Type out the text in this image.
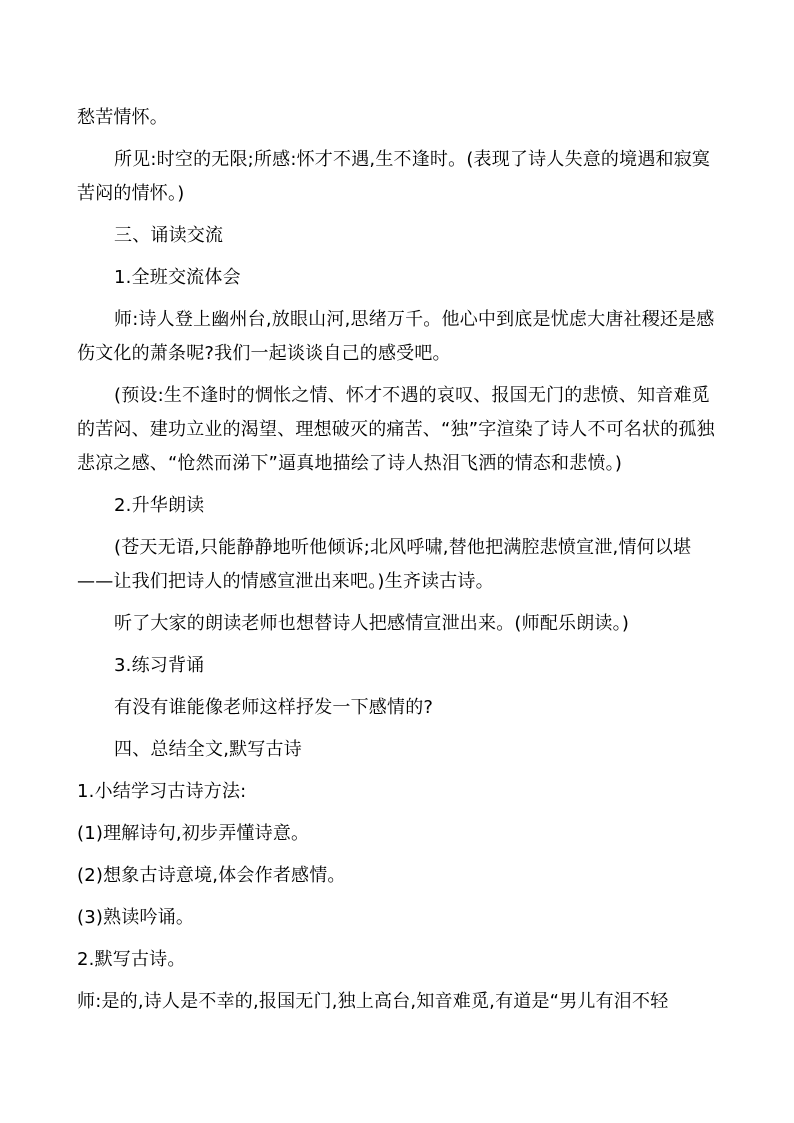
愁苦情怀。

所见:时空的无限;所感:怀才不遇,生不逢时。(表现了诗人失意的境遇和寂寞

苦闷的情怀。)

三、诵读交流

1.全班交流体会

师:诗人登上幽州台,放眼山河,思绪万千。他心中到底是忧虑大唐社稷还是感

伤文化的萧条呢?我们一起谈谈自己的感受吧。

(预设:生不逢时的惆怅之情、怀才不遇的哀叹、报国无门的悲愤、知音难觅

的苦闷、建功立业的渴望、理想破灭的痛苦、“独”字渲染了诗人不可名状的孤独

悲凉之感、“怆然而涕下”逼真地描绘了诗人热泪飞洒的情态和悲愤。)

2.升华朗读

(苍天无语,只能静静地听他倾诉;北风呼啸,替他把满腔悲愤宣泄,情何以堪

——让我们把诗人的情感宣泄出来吧。)生齐读古诗。

听了大家的朗读老师也想替诗人把感情宣泄出来。(师配乐朗读。)

3.练习背诵

有没有谁能像老师这样抒发一下感情的?

四、总结全文,默写古诗

1.小结学习古诗方法:

(1)理解诗句,初步弄懂诗意。

(2)想象古诗意境,体会作者感情。

(3)熟读吟诵。

2.默写古诗。

师:是的,诗人是不幸的,报国无门,独上高台,知音难觅,有道是“男儿有泪不轻
